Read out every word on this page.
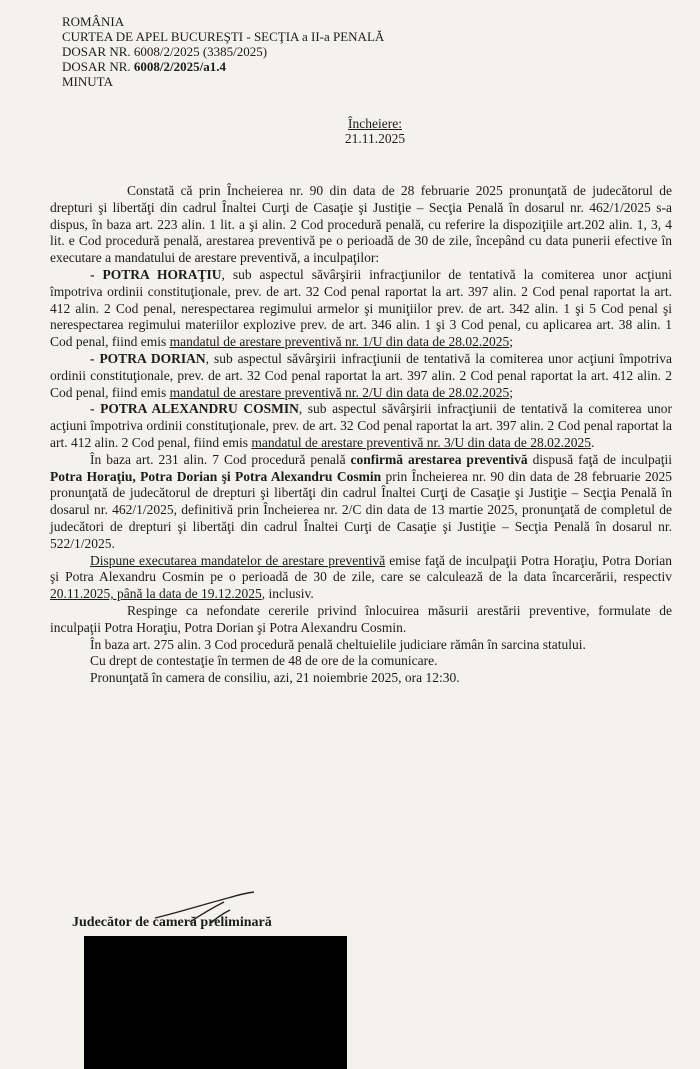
ROMÂNIA
CURTEA DE APEL BUCUREŞTI - SECŢIA a II-a PENALĂ
DOSAR NR. 6008/2/2025 (3385/2025)
DOSAR NR. 6008/2/2025/a1.4
MINUTA
Încheiere:
21.11.2025

Constată că prin Încheierea nr. 90 din data de 28 februarie 2025 pronunţată de judecătorul de drepturi şi libertăţi din cadrul Înaltei Curţi de Casaţie şi Justiţie – Secţia Penală în dosarul nr. 462/1/2025 s-a dispus, în baza art. 223 alin. 1 lit. a şi alin. 2 Cod procedură penală, cu referire la dispoziţiile art.202 alin. 1, 3, 4 lit. e Cod procedură penală, arestarea preventivă pe o perioadă de 30 de zile, începând cu data punerii efective în executare a mandatului de arestare preventivă, a inculpaţilor:

- POTRA HORAŢIU, sub aspectul săvârşirii infracţiunilor de tentativă la comiterea unor acţiuni împotriva ordinii constituţionale, prev. de art. 32 Cod penal raportat la art. 397 alin. 2 Cod penal raportat la art. 412 alin. 2 Cod penal, nerespectarea regimului armelor şi muniţiilor prev. de art. 342 alin. 1 şi 5 Cod penal şi nerespectarea regimului materiilor explozive prev. de art. 346 alin. 1 şi 3 Cod penal, cu aplicarea art. 38 alin. 1 Cod penal, fiind emis mandatul de arestare preventivă nr. 1/U din data de 28.02.2025;

- POTRA DORIAN, sub aspectul săvârşirii infracţiunii de tentativă la comiterea unor acţiuni împotriva ordinii constituţionale, prev. de art. 32 Cod penal raportat la art. 397 alin. 2 Cod penal raportat la art. 412 alin. 2 Cod penal, fiind emis mandatul de arestare preventivă nr. 2/U din data de 28.02.2025;

- POTRA ALEXANDRU COSMIN, sub aspectul săvârşirii infracţiunii de tentativă la comiterea unor acţiuni împotriva ordinii constituţionale, prev. de art. 32 Cod penal raportat la art. 397 alin. 2 Cod penal raportat la art. 412 alin. 2 Cod penal, fiind emis mandatul de arestare preventivă nr. 3/U din data de 28.02.2025.

În baza art. 231 alin. 7 Cod procedură penală confirmă arestarea preventivă dispusă faţă de inculpaţii Potra Horaţiu, Potra Dorian şi Potra Alexandru Cosmin prin Încheierea nr. 90 din data de 28 februarie 2025 pronunţată de judecătorul de drepturi şi libertăţi din cadrul Înaltei Curţi de Casaţie şi Justiţie – Secţia Penală în dosarul nr. 462/1/2025, definitivă prin Încheierea nr. 2/C din data de 13 martie 2025, pronunţată de completul de judecători de drepturi şi libertăţi din cadrul Înaltei Curţi de Casaţie şi Justiţie – Secţia Penală în dosarul nr. 522/1/2025.

Dispune executarea mandatelor de arestare preventivă emise faţă de inculpaţii Potra Horaţiu, Potra Dorian şi Potra Alexandru Cosmin pe o perioadă de 30 de zile, care se calculează de la data încarcerării, respectiv 20.11.2025, până la data de 19.12.2025, inclusiv.

Respinge ca nefondate cererile privind înlocuirea măsurii arestării preventive, formulate de inculpaţii Potra Horaţiu, Potra Dorian şi Potra Alexandru Cosmin.

În baza art. 275 alin. 3 Cod procedură penală cheltuielile judiciare rămân în sarcina statului.

Cu drept de contestaţie în termen de 48 de ore de la comunicare.

Pronunţată în camera de consiliu, azi, 21 noiembrie 2025, ora 12:30.

Judecător de cameră preliminară
